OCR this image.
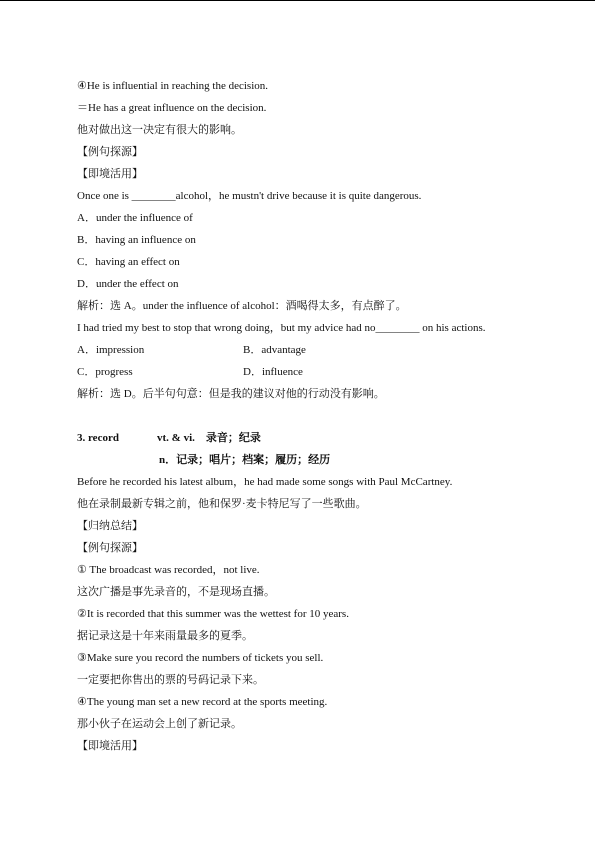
④He is influential in reaching the decision.
＝He has a great influence on the decision.
他对做出这一决定有很大的影响。
【例句探源】
【即境活用】
Once one is ________alcohol，he mustn't drive because it is quite dangerous.
A．under the influence of
B．having an influence on
C．having an effect on
D．under the effect on
解析：选 A。under the influence of alcohol：酒喝得太多，有点醉了。
I had tried my best to stop that wrong doing，but my advice had no________ on his actions.
A．impression	B．advantage
C．progress	D．influence
解析：选 D。后半句句意：但是我的建议对他的行动没有影响。
3. record	vt. & vi.　录音；纪录
n．记录；唱片；档案；履历；经历
Before he recorded his latest album，he had made some songs with Paul McCartney.
他在录制最新专辑之前，他和保罗·麦卡特尼写了一些歌曲。
【归纳总结】
【例句探源】
① The broadcast was recorded，not live.
这次广播是事先录音的，不是现场直播。
②It is recorded that this summer was the wettest for 10 years.
据记录这是十年来雨量最多的夏季。
③Make sure you record the numbers of tickets you sell.
一定要把你售出的票的号码记录下来。
④The young man set a new record at the sports meeting.
那小伙子在运动会上创了新记录。
【即境活用】
